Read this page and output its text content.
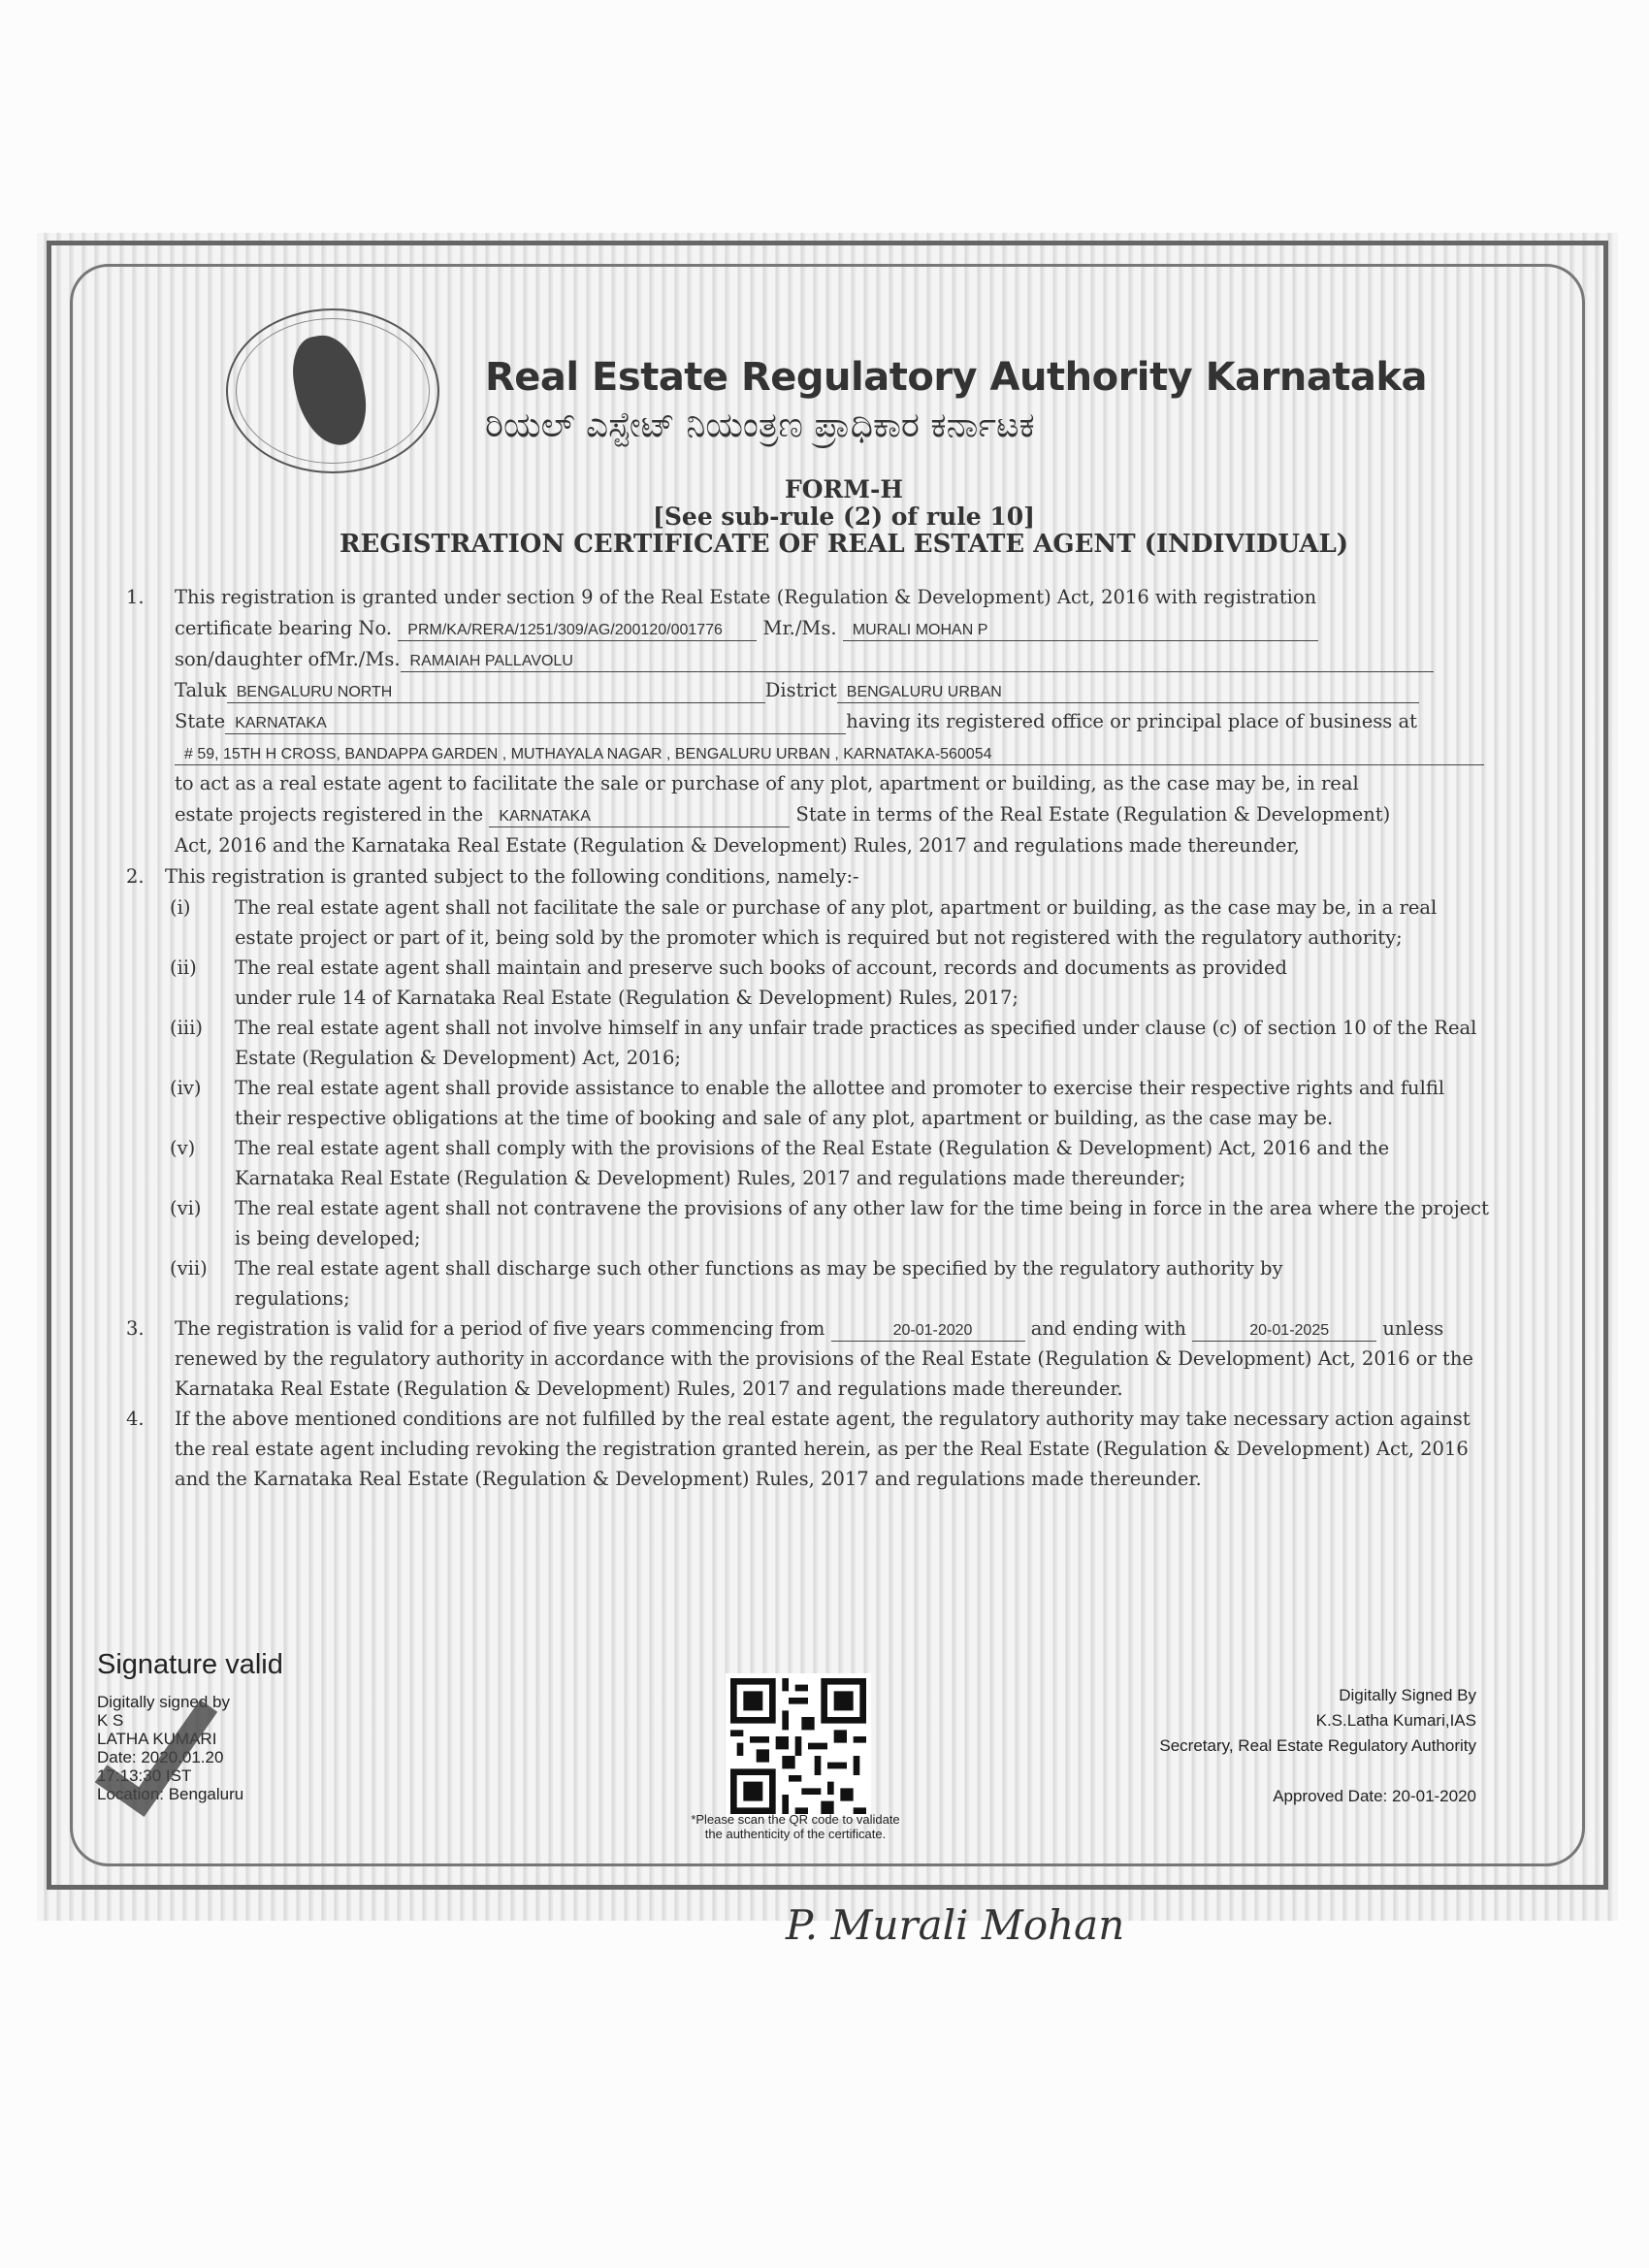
Real Estate Regulatory Authority Karnataka
ರಿಯಲ್ ಎಸ್ಟೇಟ್ ನಿಯಂತ್ರಣ ಪ್ರಾಧಿಕಾರ ಕರ್ನಾಟಕ
FORM-H
[See sub-rule (2) of rule 10]
REGISTRATION CERTIFICATE OF REAL ESTATE AGENT (INDIVIDUAL)
1. This registration is granted under section 9 of the Real Estate (Regulation & Development) Act, 2016 with registration
certificate bearing No. PRM/KA/RERA/1251/309/AG/200120/001776 Mr./Ms. MURALI MOHAN P
son/daughter ofMr./Ms. RAMAIAH PALLAVOLU
Taluk BENGALURU NORTH	District BENGALURU URBAN
State KARNATAKA	having its registered office or principal place of business at
# 59, 15TH H CROSS, BANDAPPA GARDEN , MUTHAYALA NAGAR , BENGALURU URBAN , KARNATAKA-560054
to act as a real estate agent to facilitate the sale or purchase of any plot, apartment or building, as the case may be, in real
estate projects registered in the KARNATAKA	State in terms of the Real Estate (Regulation & Development)
Act, 2016 and the Karnataka Real Estate (Regulation & Development) Rules, 2017 and regulations made thereunder,
2. This registration is granted subject to the following conditions, namely:-
(i) The real estate agent shall not facilitate the sale or purchase of any plot, apartment or building, as the case may be, in a real estate project or part of it, being sold by the promoter which is required but not registered with the regulatory authority;
(ii) The real estate agent shall maintain and preserve such books of account, records and documents as provided under rule 14 of Karnataka Real Estate (Regulation & Development) Rules, 2017;
(iii) The real estate agent shall not involve himself in any unfair trade practices as specified under clause (c) of section 10 of the Real Estate (Regulation & Development) Act, 2016;
(iv) The real estate agent shall provide assistance to enable the allottee and promoter to exercise their respective rights and fulfil their respective obligations at the time of booking and sale of any plot, apartment or building, as the case may be.
(v) The real estate agent shall comply with the provisions of the Real Estate (Regulation & Development) Act, 2016 and the Karnataka Real Estate (Regulation & Development) Rules, 2017 and regulations made thereunder;
(vi) The real estate agent shall not contravene the provisions of any other law for the time being in force in the area where the project is being developed;
(vii) The real estate agent shall discharge such other functions as may be specified by the regulatory authority by regulations;
3. The registration is valid for a period of five years commencing from	20-01-2020	and ending with	20-01-2025	unless renewed by the regulatory authority in accordance with the provisions of the Real Estate (Regulation & Development) Act, 2016 or the Karnataka Real Estate (Regulation & Development) Rules, 2017 and regulations made thereunder.
4. If the above mentioned conditions are not fulfilled by the real estate agent, the regulatory authority may take necessary action against the real estate agent including revoking the registration granted herein, as per the Real Estate (Regulation & Development) Act, 2016 and the Karnataka Real Estate (Regulation & Development) Rules, 2017 and regulations made thereunder.
Signature valid
Digitally signed by
K S
LATHA KUMARI
Date: 2020.01.20
17:13:30 IST
Location: Bengaluru
*Please scan the QR code to validate
the authenticity of the certificate.
Digitally Signed By
K.S.Latha Kumari,IAS
Secretary, Real Estate Regulatory Authority
Approved Date: 20-01-2020
P. Murali Mohan
